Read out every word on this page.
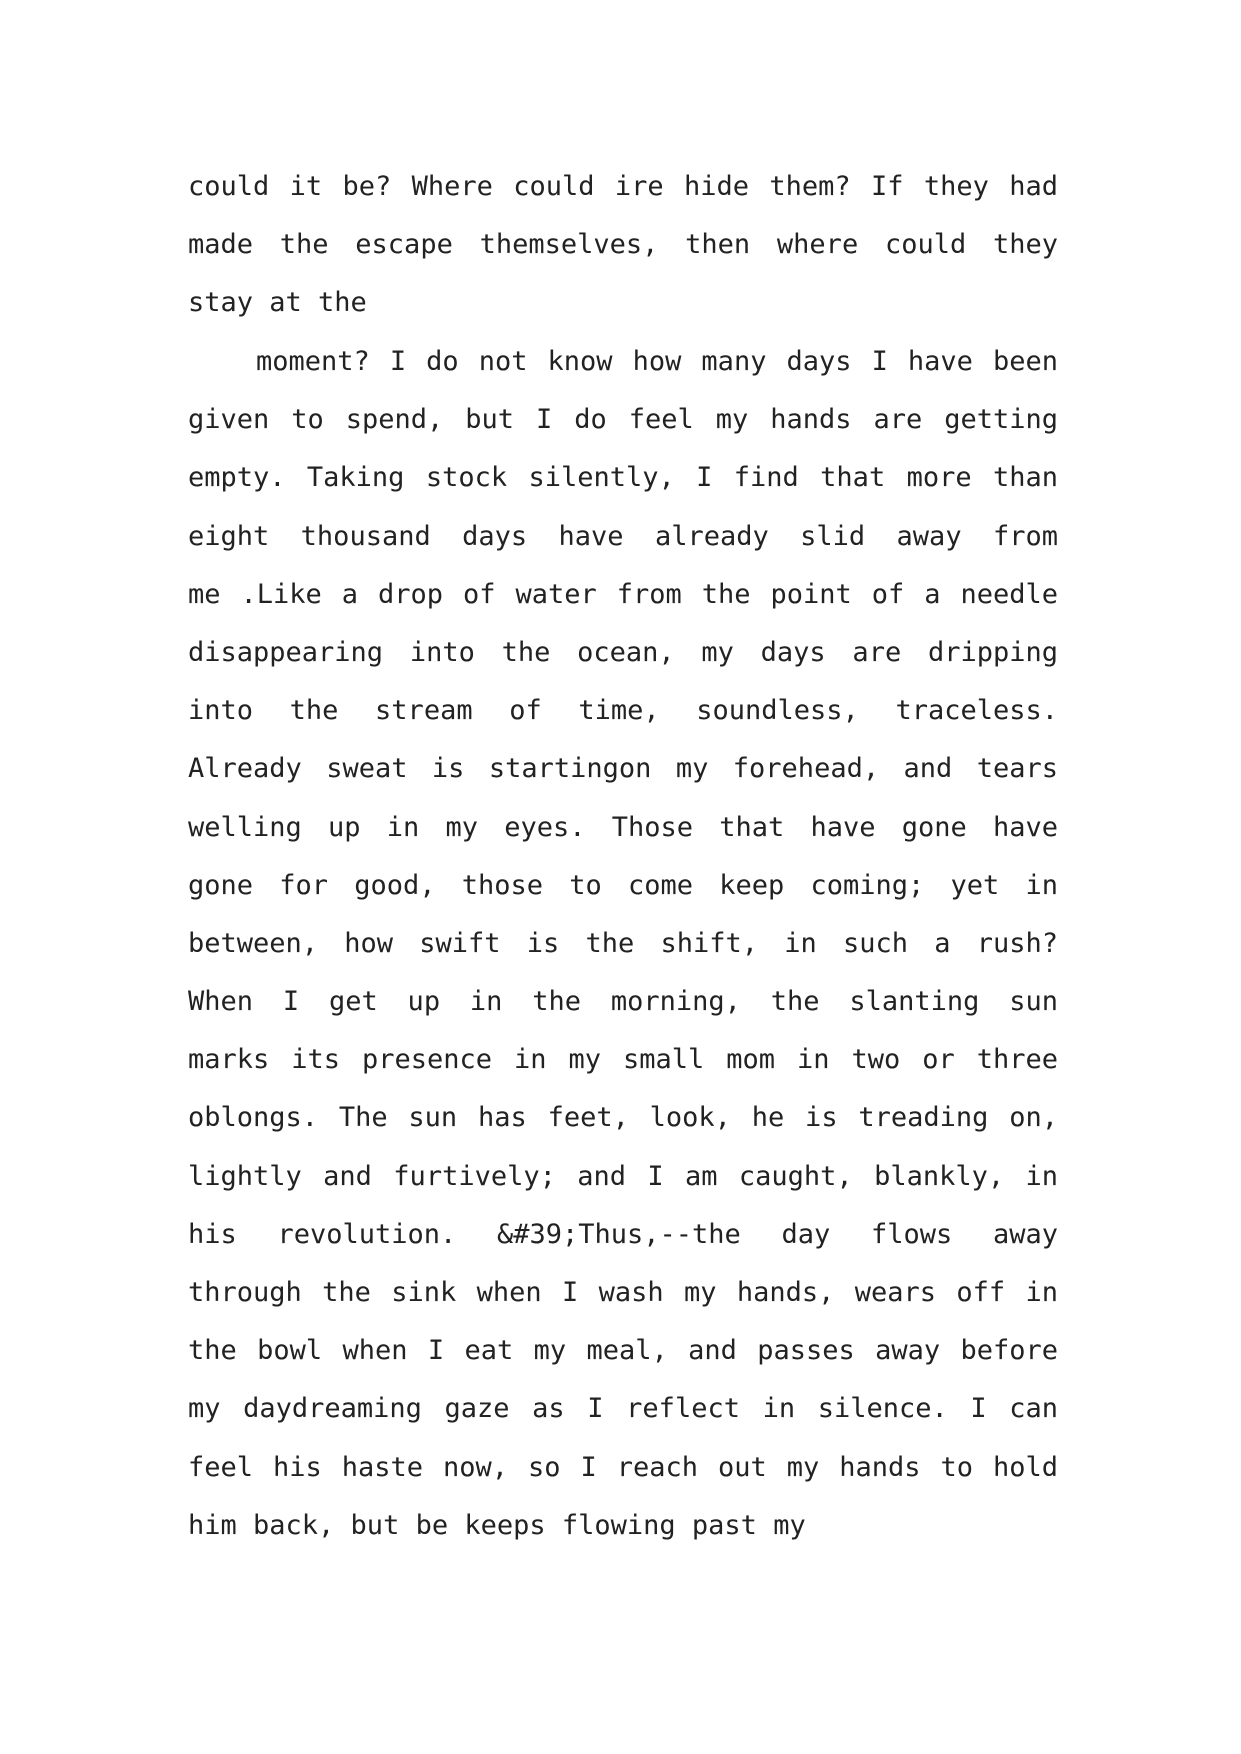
could it be? Where could ire hide them? If they had
made the escape themselves, then where could they
stay at the
moment? I do not know how many days I have been
given to spend, but I do feel my hands are getting
empty. Taking stock silently, I find that more than
eight thousand days have already slid away from
me .Like a drop of water from the point of a needle
disappearing into the ocean, my days are dripping
into the stream of time, soundless, traceless.
Already sweat is startingon my forehead, and tears
welling up in my eyes. Those that have gone have
gone for good, those to come keep coming; yet in
between, how swift is the shift, in such a rush?
When I get up in the morning, the slanting sun
marks its presence in my small mom in two or three
oblongs. The sun has feet, look, he is treading on,
lightly and furtively; and I am caught, blankly, in
his revolution. &#39;Thus,--the day flows away
through the sink when I wash my hands, wears off in
the bowl when I eat my meal, and passes away before
my daydreaming gaze as I reflect in silence. I can
feel his haste now, so I reach out my hands to hold
him back, but be keeps flowing past my
